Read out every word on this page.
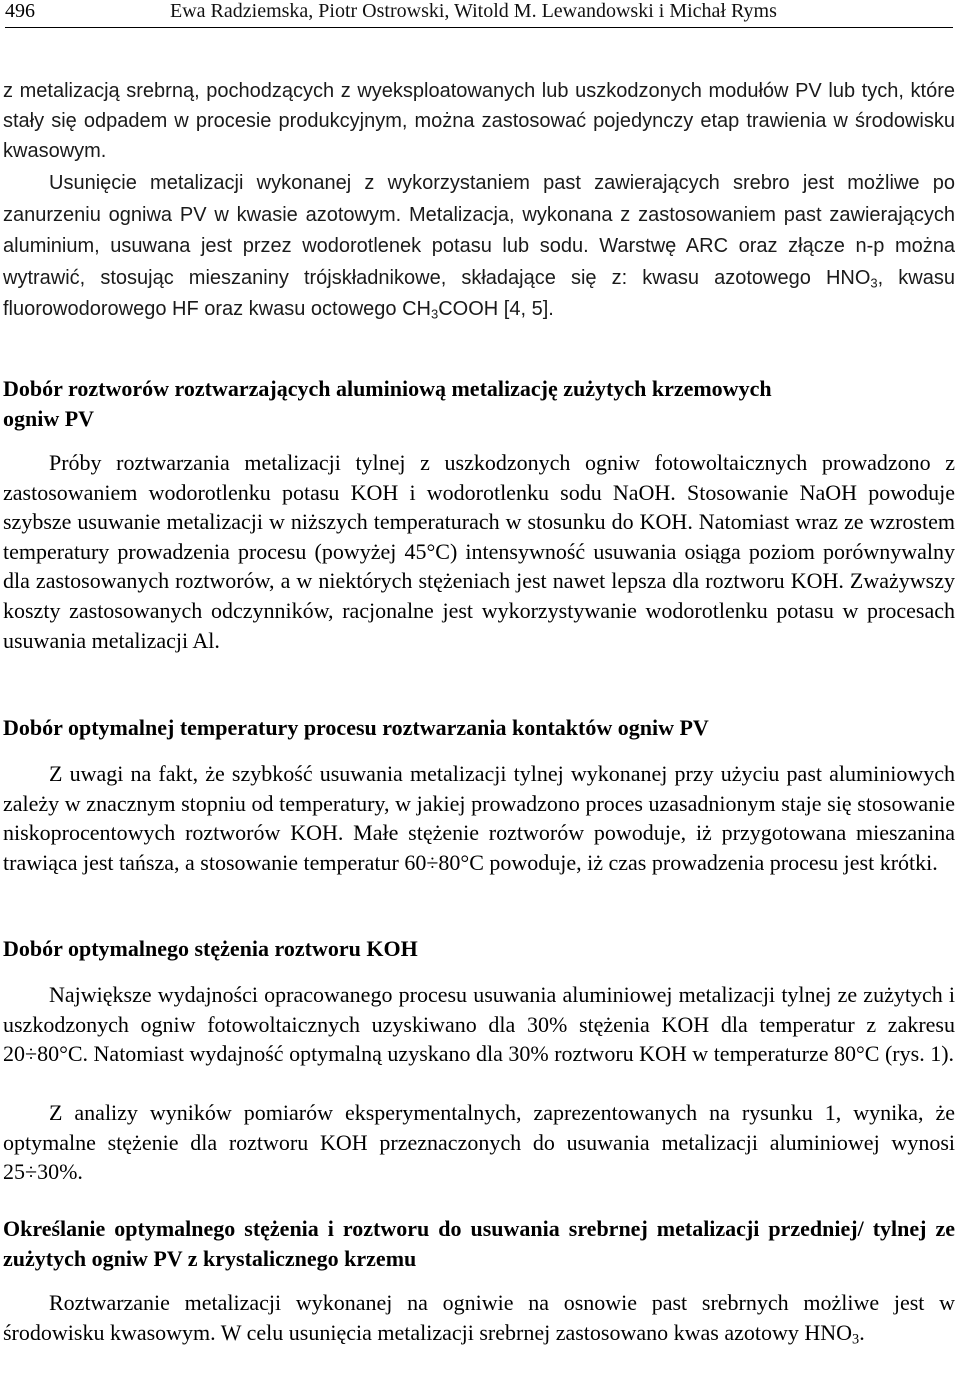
496	Ewa Radziemska, Piotr Ostrowski, Witold M. Lewandowski i Michał Ryms

z metalizacją srebrną, pochodzących z wyeksploatowanych lub uszkodzonych modułów PV lub tych, które stały się odpadem w procesie produkcyjnym, można zastosować pojedynczy etap trawienia w środowisku kwasowym.

Usunięcie metalizacji wykonanej z wykorzystaniem past zawierających srebro jest możliwe po zanurzeniu ogniwa PV w kwasie azotowym. Metalizacja, wykonana z zastosowaniem past zawierających aluminium, usuwana jest przez wodorotlenek potasu lub sodu. Warstwę ARC oraz złącze n-p można wytrawić, stosując mieszaniny trójskładnikowe, składające się z: kwasu azotowego $HNO_3$, kwasu fluorowodorowego HF oraz kwasu octowego $CH_3COOH$ [4, 5].

Dobór roztworów roztwarzających aluminiową metalizację zużytych krzemowych ogniw PV

Próby roztwarzania metalizacji tylnej z uszkodzonych ogniw fotowoltaicznych prowadzono z zastosowaniem wodorotlenku potasu KOH i wodorotlenku sodu NaOH. Stosowanie NaOH powoduje szybsze usuwanie metalizacji w niższych temperaturach w stosunku do KOH. Natomiast wraz ze wzrostem temperatury prowadzenia procesu (powyżej 45°C) intensywność usuwania osiąga poziom porównywalny dla zastosowanych roztworów, a w niektórych stężeniach jest nawet lepsza dla roztworu KOH. Zważywszy koszty zastosowanych odczynników, racjonalne jest wykorzystywanie wodorotlenku potasu w procesach usuwania metalizacji Al.

Dobór optymalnej temperatury procesu roztwarzania kontaktów ogniw PV

Z uwagi na fakt, że szybkość usuwania metalizacji tylnej wykonanej przy użyciu past aluminiowych zależy w znacznym stopniu od temperatury, w jakiej prowadzono proces uzasadnionym staje się stosowanie niskoprocentowych roztworów KOH. Małe stężenie roztworów powoduje, iż przygotowana mieszanina trawiąca jest tańsza, a stosowanie temperatur 60÷80°C powoduje, iż czas prowadzenia procesu jest krótki.

Dobór optymalnego stężenia roztworu KOH

Największe wydajności opracowanego procesu usuwania aluminiowej metalizacji tylnej ze zużytych i uszkodzonych ogniw fotowoltaicznych uzyskiwano dla 30% stężenia KOH dla temperatur z zakresu 20÷80°C. Natomiast wydajność optymalną uzyskano dla 30% roztworu KOH w temperaturze 80°C (rys. 1).

Z analizy wyników pomiarów eksperymentalnych, zaprezentowanych na rysunku 1, wynika, że optymalne stężenie dla roztworu KOH przeznaczonych do usuwania metalizacji aluminiowej wynosi 25÷30%.

Określanie optymalnego stężenia i roztworu do usuwania srebrnej metalizacji przedniej/ tylnej ze zużytych ogniw PV z krystalicznego krzemu

Roztwarzanie metalizacji wykonanej na ogniwie na osnowie past srebrnych możliwe jest w środowisku kwasowym. W celu usunięcia metalizacji srebrnej zastosowano kwas azotowy $HNO_3$.
